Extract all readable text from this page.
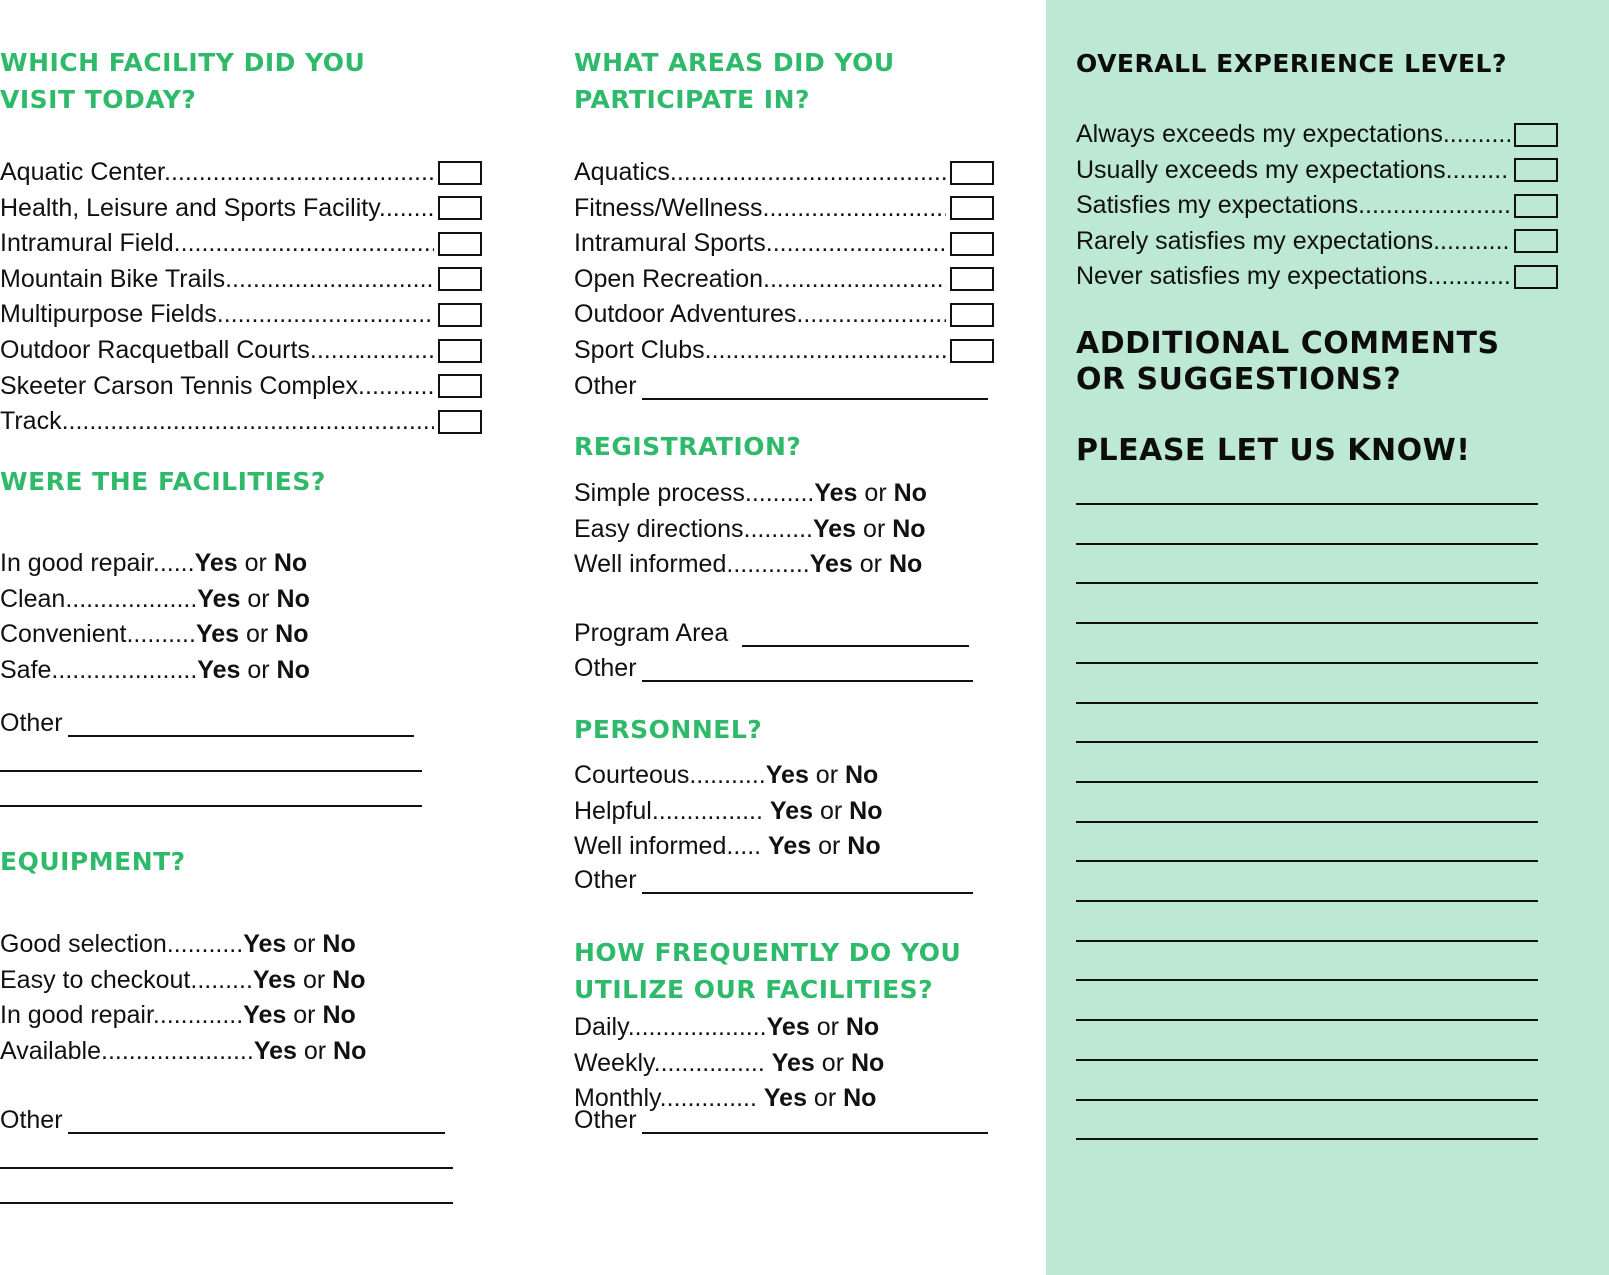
WHICH FACILITY DID YOU VISIT TODAY?
Aquatic Center .....
Health, Leisure and Sports Facility .....
Intramural Field .....
Mountain Bike Trails .....
Multipurpose Fields .....
Outdoor Racquetball Courts .....
Skeeter Carson Tennis Complex .....
Track .....
WERE THE FACILITIES?
In good repair......Yes or No
Clean...................Yes or No
Convenient..........Yes or No
Safe.....................Yes or No
Other
EQUIPMENT?
Good selection...........Yes or No
Easy to checkout.........Yes or No
In good repair.............Yes or No
Available......................Yes or No
Other
WHAT AREAS DID YOU PARTICIPATE IN?
Aquatics .....
Fitness/Wellness .....
Intramural Sports .....
Open Recreation .....
Outdoor Adventures .....
Sport Clubs .....
Other
REGISTRATION?
Simple process..........Yes or No
Easy directions..........Yes or No
Well informed............Yes or No
Program Area
Other
PERSONNEL?
Courteous...........Yes or No
Helpful................ Yes or No
Well informed..... Yes or No
Other
HOW FREQUENTLY DO YOU UTILIZE OUR FACILITIES?
Daily....................Yes or No
Weekly................ Yes or No
Monthly.............. Yes or No
Other
OVERALL EXPERIENCE LEVEL?
Always exceeds my expectations .....
Usually exceeds my expectations .....
Satisfies my expectations .....
Rarely satisfies my expectations .....
Never satisfies my expectations .....
ADDITIONAL COMMENTS OR SUGGESTIONS?
PLEASE LET US KNOW!
